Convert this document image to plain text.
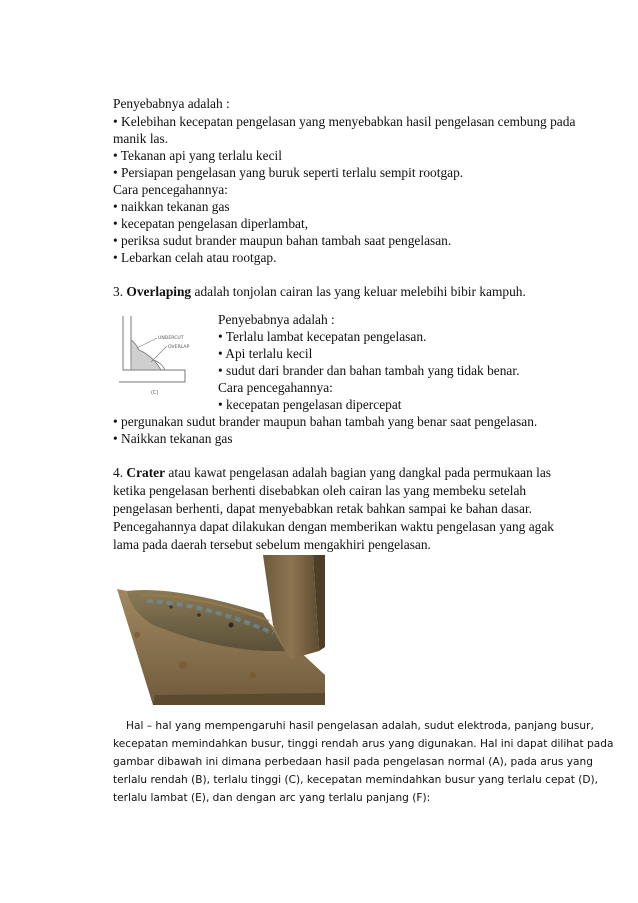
Penyebabnya adalah :
• Kelebihan kecepatan pengelasan yang menyebabkan hasil pengelasan cembung pada
manik las.
• Tekanan api yang terlalu kecil
• Persiapan pengelasan yang buruk seperti terlalu sempit rootgap.
Cara pencegahannya:
• naikkan tekanan gas
• kecepatan pengelasan diperlambat,
• periksa sudut brander maupun bahan tambah saat pengelasan.
• Lebarkan celah atau rootgap.
3. Overlaping adalah tonjolan cairan las yang keluar melebihi bibir kampuh.
UNDERCUT
OVERLAP
(C)
Penyebabnya adalah :
• Terlalu lambat kecepatan pengelasan.
• Api terlalu kecil
• sudut dari brander dan bahan tambah yang tidak benar.
Cara pencegahannya:
• kecepatan pengelasan dipercepat
• pergunakan sudut brander maupun bahan tambah yang benar saat pengelasan.
• Naikkan tekanan gas
4. Crater atau kawat pengelasan adalah bagian yang dangkal pada permukaan las
ketika pengelasan berhenti disebabkan oleh cairan las yang membeku setelah
pengelasan berhenti, dapat menyebabkan retak bahkan sampai ke bahan dasar.
Pencegahannya dapat dilakukan dengan memberikan waktu pengelasan yang agak
lama pada daerah tersebut sebelum mengakhiri pengelasan.
Hal – hal yang mempengaruhi hasil pengelasan adalah, sudut elektroda, panjang busur,
kecepatan memindahkan busur, tinggi rendah arus yang digunakan. Hal ini dapat dilihat pada
gambar dibawah ini dimana perbedaan hasil pada pengelasan normal (A), pada arus yang
terlalu rendah (B), terlalu tinggi (C), kecepatan memindahkan busur yang terlalu cepat (D),
terlalu lambat (E), dan dengan arc yang terlalu panjang (F):
